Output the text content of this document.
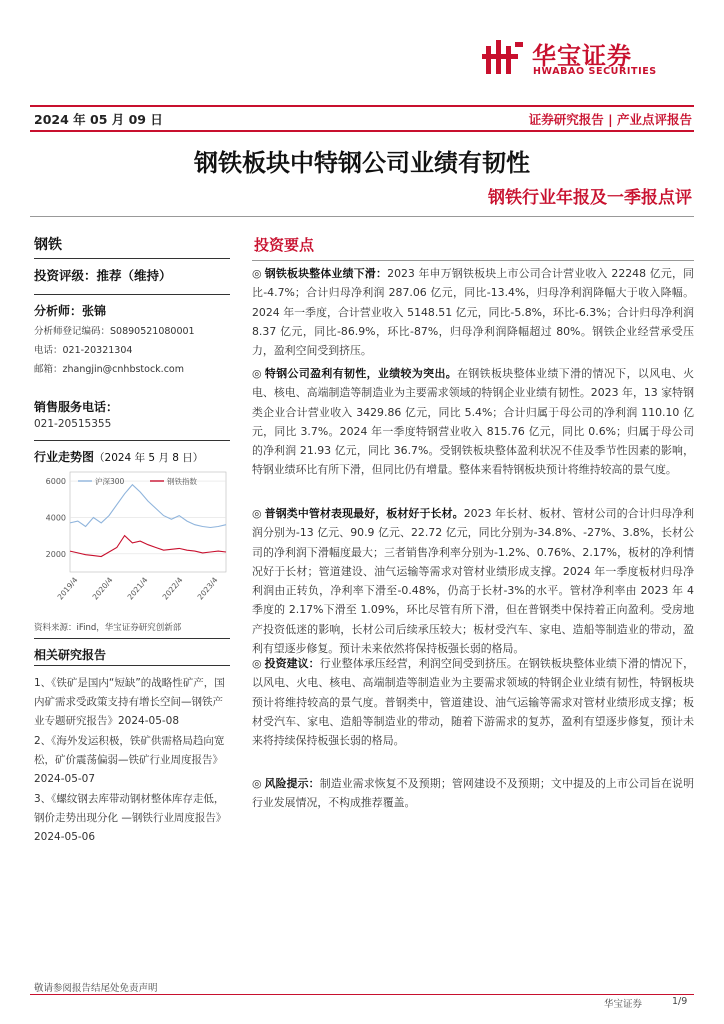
华宝证券
HWABAO SECURITIES
2024 年 05 月 09 日	证券研究报告 | 产业点评报告
钢铁板块中特钢公司业绩有韧性
钢铁行业年报及一季报点评
钢铁
投资评级：推荐（维持）
分析师：张锦
分析师登记编码：S0890521080001
电话：021-20321304
邮箱：zhangjin@cnhbstock.com
销售服务电话：
021-20515355
行业走势图（2024 年 5 月 8 日）
2000
4000
6000
2019/4 2020/4 2021/4 2022/4 2023/4
沪深300	钢铁指数
资料来源：iFind，华宝证券研究创新部
相关研究报告
1、《铁矿是国内“短缺”的战略性矿产，国内矿需求受政策支持有增长空间—钢铁产业专题研究报告》2024-05-08
2、《海外发运积极，铁矿供需格局趋向宽松，矿价震荡偏弱—铁矿行业周度报告》2024-05-07
3、《螺纹钢去库带动钢材整体库存走低，钢价走势出现分化 —钢铁行业周度报告》2024-05-06
投资要点
◎ 钢铁板块整体业绩下滑：2023 年申万钢铁板块上市公司合计营业收入 22248 亿元，同比-4.7%；合计归母净利润 287.06 亿元，同比-13.4%，归母净利润降幅大于收入降幅。2024 年一季度，合计营业收入 5148.51 亿元，同比-5.8%，环比-6.3%；合计归母净利润 8.37 亿元，同比-86.9%，环比-87%，归母净利润降幅超过 80%。钢铁企业经营承受压力，盈利空间受到挤压。
◎ 特钢公司盈利有韧性，业绩较为突出。在钢铁板块整体业绩下滑的情况下，以风电、火电、核电、高端制造等制造业为主要需求领域的特钢企业业绩有韧性。2023 年，13 家特钢类企业合计营业收入 3429.86 亿元，同比 5.4%；合计归属于母公司的净利润 110.10 亿元，同比 3.7%。2024 年一季度特钢营业收入 815.76 亿元，同比 0.6%；归属于母公司的净利润 21.93 亿元，同比 36.7%。受钢铁板块整体盈利状况不佳及季节性因素的影响，特钢业绩环比有所下滑，但同比仍有增量。整体来看特钢板块预计将维持较高的景气度。
◎ 普钢类中管材表现最好，板材好于长材。2023 年长材、板材、管材公司的合计归母净利润分别为-13 亿元、90.9 亿元、22.72 亿元，同比分别为-34.8%、-27%、3.8%，长材公司的净利润下滑幅度最大；三者销售净利率分别为-1.2%、0.76%、2.17%，板材的净利情况好于长材；管道建设、油气运输等需求对管材业绩形成支撑。2024 年一季度板材归母净利润由正转负，净利率下滑至-0.48%，仍高于长材-3%的水平。管材净利率由 2023 年 4 季度的 2.17%下滑至 1.09%，环比尽管有所下滑，但在普钢类中保持着正向盈利。受房地产投资低迷的影响，长材公司后续承压较大；板材受汽车、家电、造船等制造业的带动，盈利有望逐步修复。预计未来依然将保持板强长弱的格局。
◎ 投资建议：行业整体承压经营，利润空间受到挤压。在钢铁板块整体业绩下滑的情况下，以风电、火电、核电、高端制造等制造业为主要需求领域的特钢企业业绩有韧性，特钢板块预计将维持较高的景气度。普钢类中，管道建设、油气运输等需求对管材业绩形成支撑；板材受汽车、家电、造船等制造业的带动，随着下游需求的复苏，盈利有望逐步修复，预计未来将持续保持板强长弱的格局。
◎ 风险提示：制造业需求恢复不及预期；管网建设不及预期；文中提及的上市公司旨在说明行业发展情况，不构成推荐覆盖。
敬请参阅报告结尾处免责声明
华宝证券	1/9
